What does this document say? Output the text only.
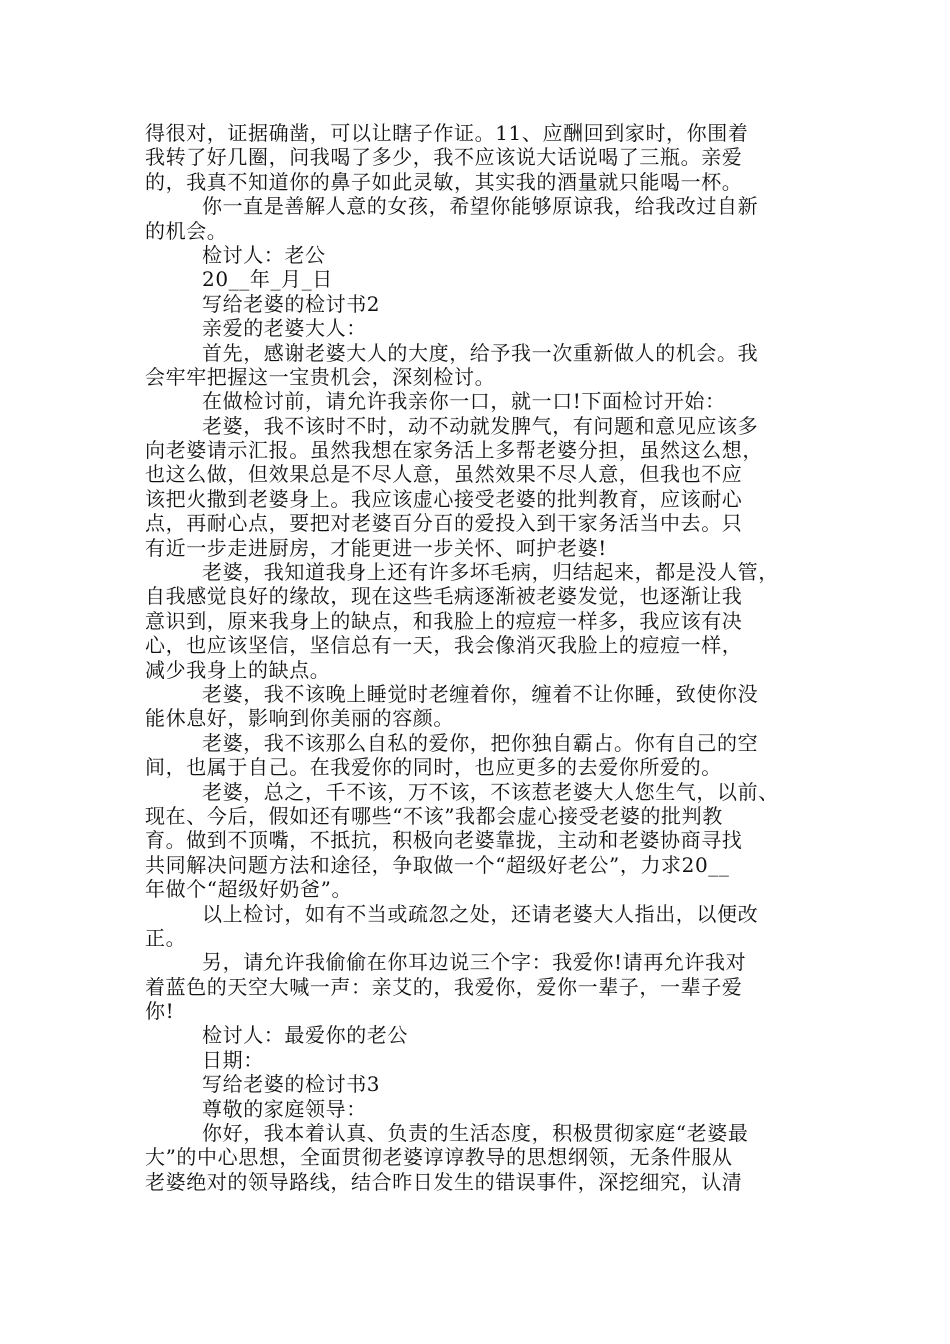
得很对，证据确凿，可以让瞎子作证。11、应酬回到家时，你围着
我转了好几圈，问我喝了多少，我不应该说大话说喝了三瓶。亲爱
的，我真不知道你的鼻子如此灵敏，其实我的酒量就只能喝一杯。
你一直是善解人意的女孩，希望你能够原谅我，给我改过自新
的机会。
检讨人：老公
20__年_月_日
写给老婆的检讨书2
亲爱的老婆大人：
首先，感谢老婆大人的大度，给予我一次重新做人的机会。我
会牢牢把握这一宝贵机会，深刻检讨。
在做检讨前，请允许我亲你一口，就一口!下面检讨开始：
老婆，我不该时不时，动不动就发脾气，有问题和意见应该多
向老婆请示汇报。虽然我想在家务活上多帮老婆分担，虽然这么想，
也这么做，但效果总是不尽人意，虽然效果不尽人意，但我也不应
该把火撒到老婆身上。我应该虚心接受老婆的批判教育，应该耐心
点，再耐心点，要把对老婆百分百的爱投入到干家务活当中去。只
有近一步走进厨房，才能更进一步关怀、呵护老婆!
老婆，我知道我身上还有许多坏毛病，归结起来，都是没人管，
自我感觉良好的缘故，现在这些毛病逐渐被老婆发觉，也逐渐让我
意识到，原来我身上的缺点，和我脸上的痘痘一样多，我应该有决
心，也应该坚信，坚信总有一天，我会像消灭我脸上的痘痘一样，
减少我身上的缺点。
老婆，我不该晚上睡觉时老缠着你，缠着不让你睡，致使你没
能休息好，影响到你美丽的容颜。
老婆，我不该那么自私的爱你，把你独自霸占。你有自己的空
间，也属于自己。在我爱你的同时，也应更多的去爱你所爱的。
老婆，总之，千不该，万不该，不该惹老婆大人您生气，以前、
现在、今后，假如还有哪些“不该”我都会虚心接受老婆的批判教
育。做到不顶嘴，不抵抗，积极向老婆靠拢，主动和老婆协商寻找
共同解决问题方法和途径，争取做一个“超级好老公”，力求20__
年做个“超级好奶爸”。
以上检讨，如有不当或疏忽之处，还请老婆大人指出，以便改
正。
另，请允许我偷偷在你耳边说三个字：我爱你!请再允许我对
着蓝色的天空大喊一声：亲艾的，我爱你，爱你一辈子，一辈子爱
你!
检讨人：最爱你的老公
日期：
写给老婆的检讨书3
尊敬的家庭领导：
你好，我本着认真、负责的生活态度，积极贯彻家庭“老婆最
大”的中心思想，全面贯彻老婆谆谆教导的思想纲领，无条件服从
老婆绝对的领导路线，结合昨日发生的错误事件，深挖细究，认清
